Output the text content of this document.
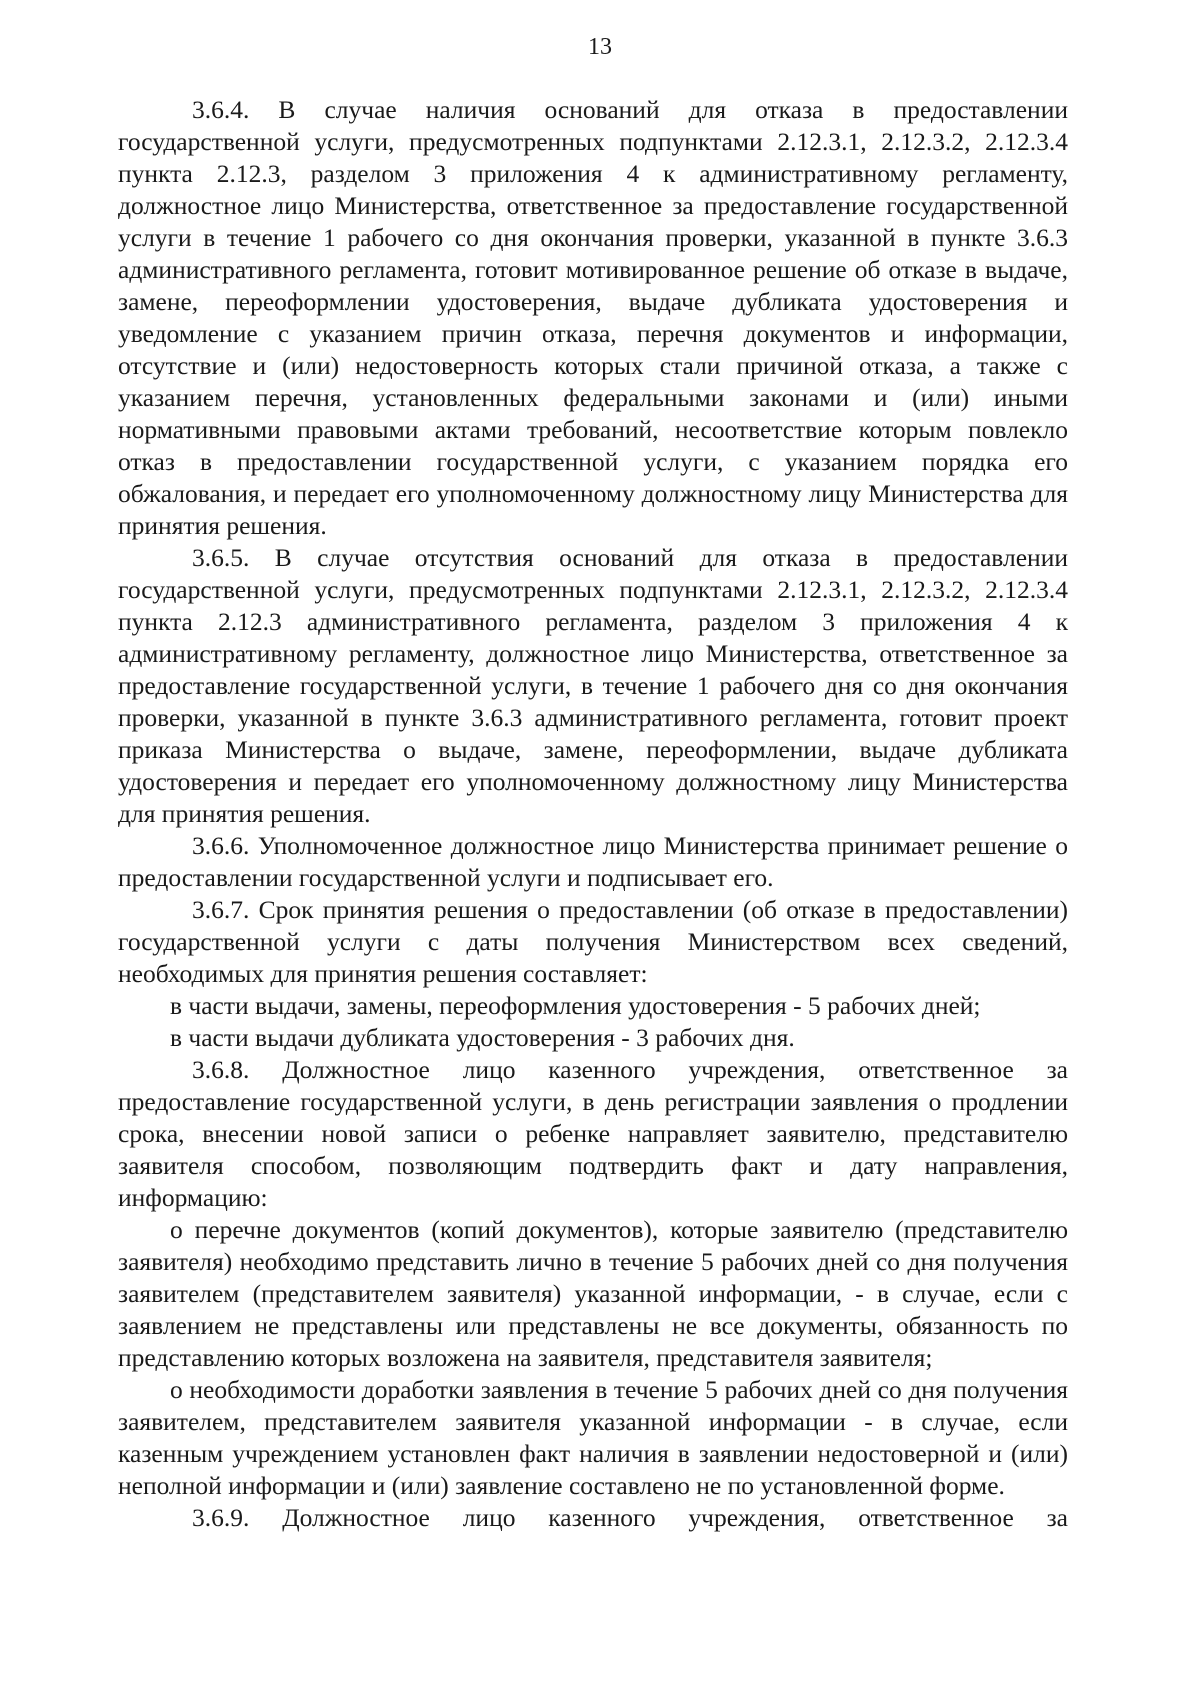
13

3.6.4. В случае наличия оснований для отказа в предоставлении государственной услуги, предусмотренных подпунктами 2.12.3.1, 2.12.3.2, 2.12.3.4 пункта 2.12.3, разделом 3 приложения 4 к административному регламенту, должностное лицо Министерства, ответственное за предоставление государственной услуги в течение 1 рабочего со дня окончания проверки, указанной в пункте 3.6.3 административного регламента, готовит мотивированное решение об отказе в выдаче, замене, переоформлении удостоверения, выдаче дубликата удостоверения и уведомление с указанием причин отказа, перечня документов и информации, отсутствие и (или) недостоверность которых стали причиной отказа, а также с указанием перечня, установленных федеральными законами и (или) иными нормативными правовыми актами требований, несоответствие которым повлекло отказ в предоставлении государственной услуги, с указанием порядка его обжалования, и передает его уполномоченному должностному лицу Министерства для принятия решения.

3.6.5. В случае отсутствия оснований для отказа в предоставлении государственной услуги, предусмотренных подпунктами 2.12.3.1, 2.12.3.2, 2.12.3.4 пункта 2.12.3 административного регламента, разделом 3 приложения 4 к административному регламенту, должностное лицо Министерства, ответственное за предоставление государственной услуги, в течение 1 рабочего дня со дня окончания проверки, указанной в пункте 3.6.3 административного регламента, готовит проект приказа Министерства о выдаче, замене, переоформлении, выдаче дубликата удостоверения и передает его уполномоченному должностному лицу Министерства для принятия решения.

3.6.6. Уполномоченное должностное лицо Министерства принимает решение о предоставлении государственной услуги и подписывает его.

3.6.7. Срок принятия решения о предоставлении (об отказе в предоставлении) государственной услуги с даты получения Министерством всех сведений, необходимых для принятия решения составляет:

в части выдачи, замены, переоформления удостоверения - 5 рабочих дней;

в части выдачи дубликата удостоверения - 3 рабочих дня.

3.6.8. Должностное лицо казенного учреждения, ответственное за предоставление государственной услуги, в день регистрации заявления о продлении срока, внесении новой записи о ребенке направляет заявителю, представителю заявителя способом, позволяющим подтвердить факт и дату направления, информацию:

о перечне документов (копий документов), которые заявителю (представителю заявителя) необходимо представить лично в течение 5 рабочих дней со дня получения заявителем (представителем заявителя) указанной информации, - в случае, если с заявлением не представлены или представлены не все документы, обязанность по представлению которых возложена на заявителя, представителя заявителя;

о необходимости доработки заявления в течение 5 рабочих дней со дня получения заявителем, представителем заявителя указанной информации - в случае, если казенным учреждением установлен факт наличия в заявлении недостоверной и (или) неполной информации и (или) заявление составлено не по установленной форме.

3.6.9. Должностное лицо казенного учреждения, ответственное за
